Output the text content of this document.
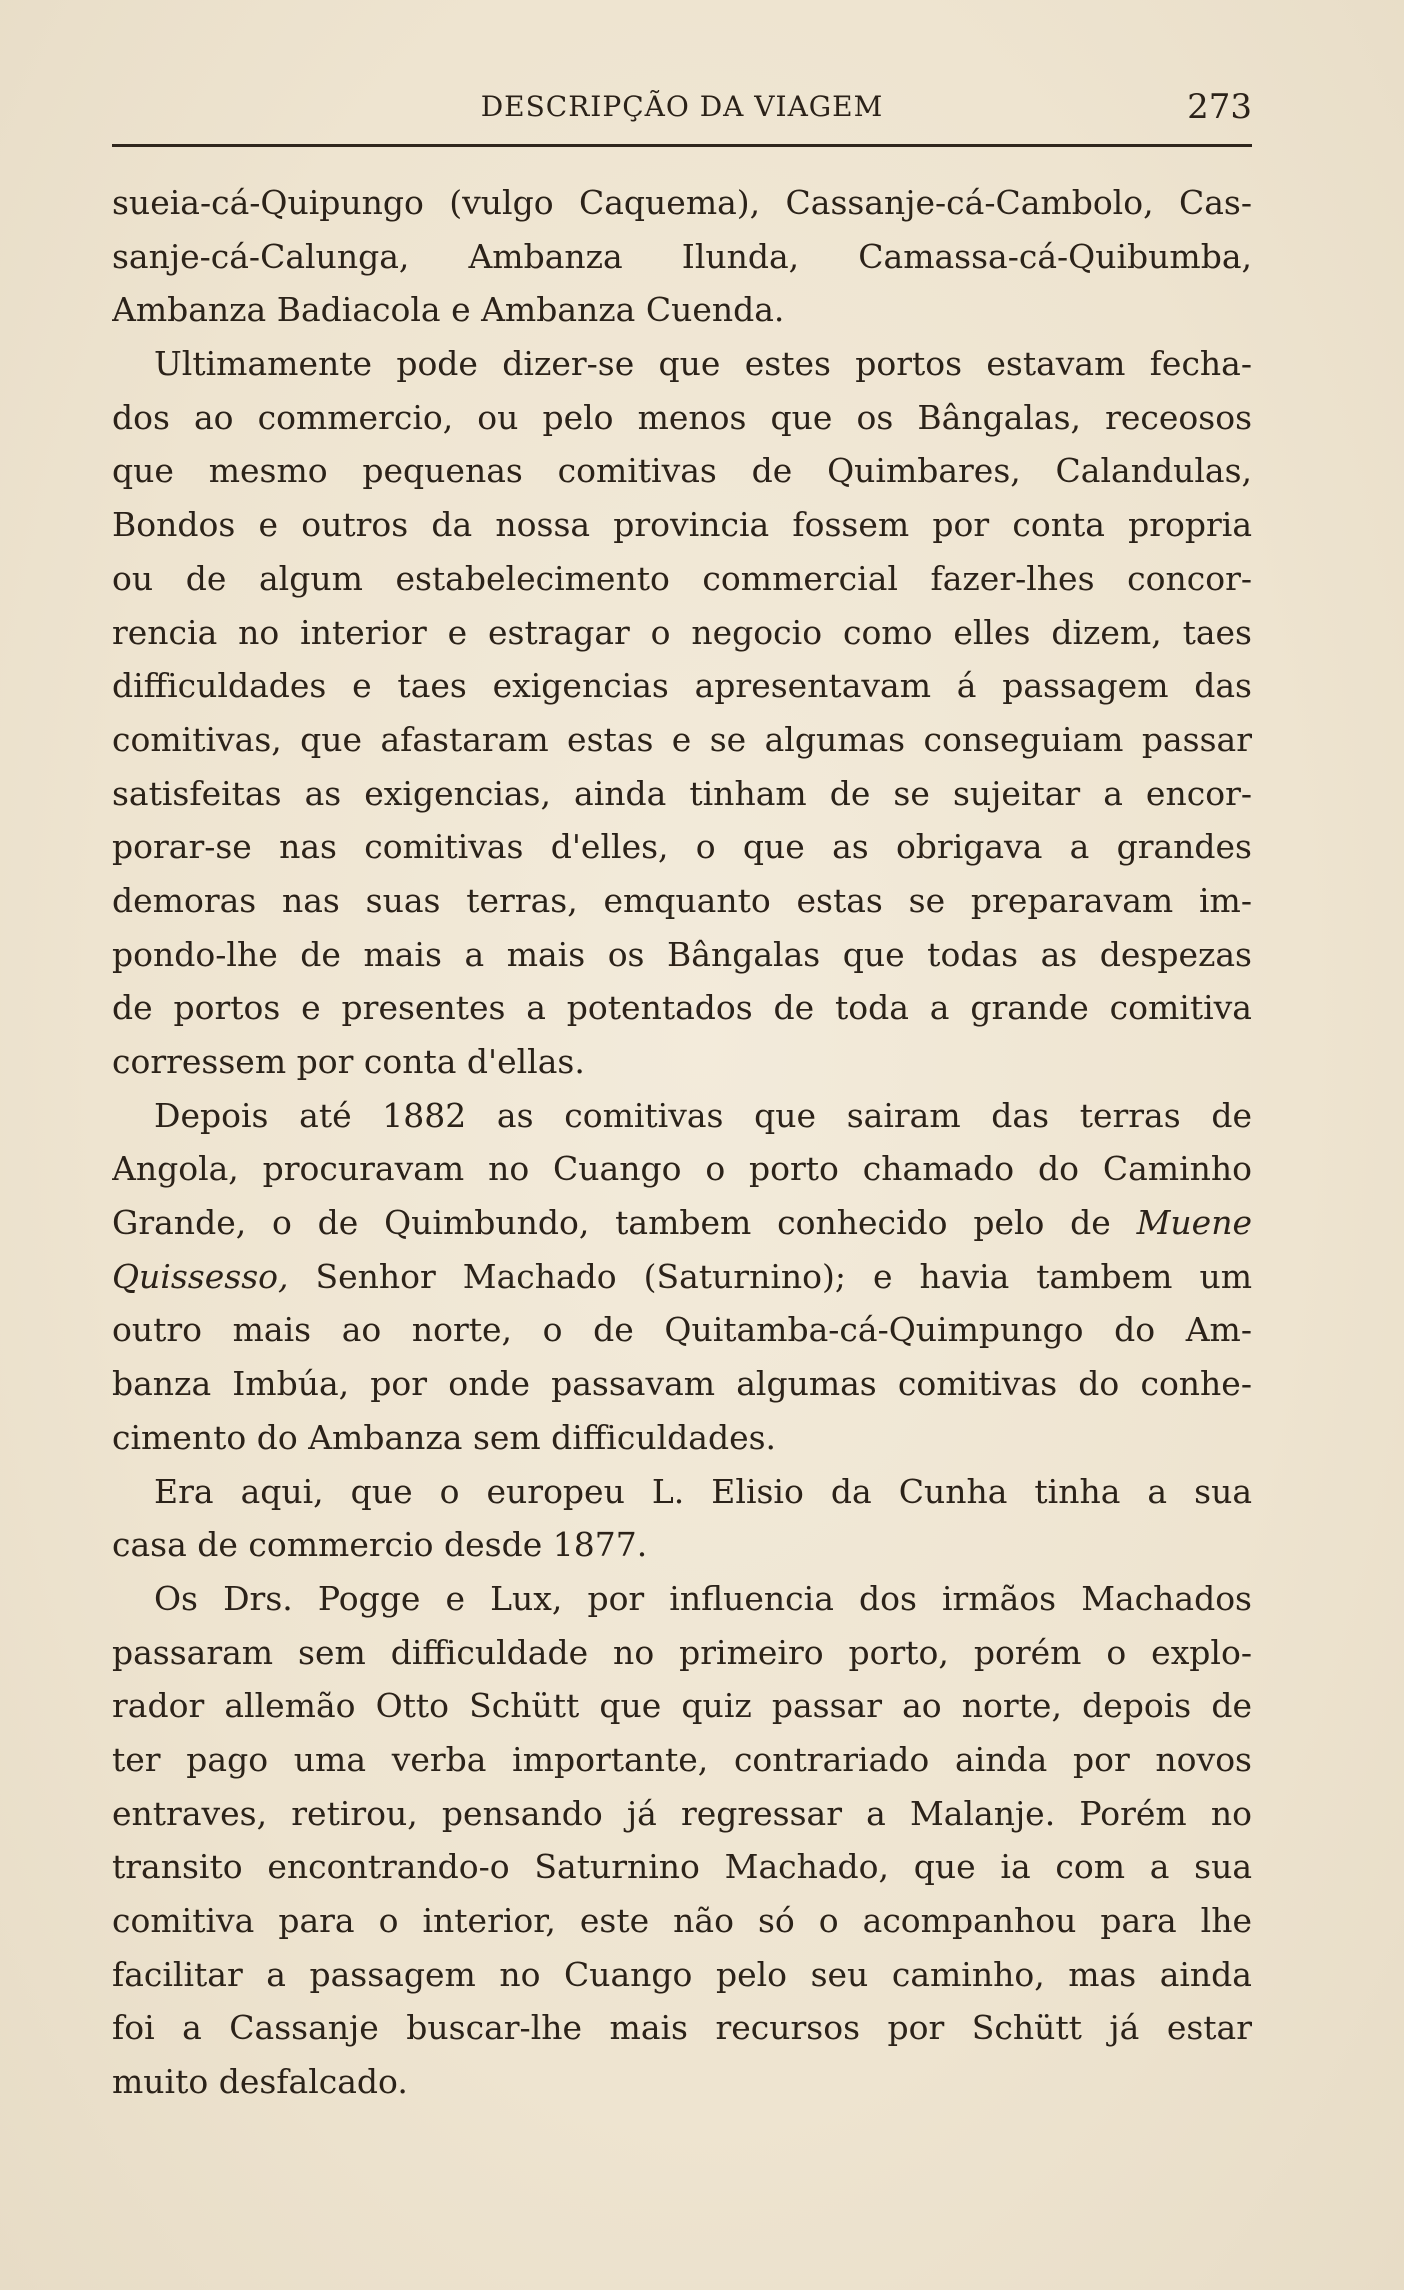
DESCRIPÇÃO DA VIAGEM	273
sueia-cá-Quipungo (vulgo Caquema), Cassanje-cá-Cambolo, Cas-
sanje-cá-Calunga, Ambanza Ilunda, Camassa-cá-Quibumba,
Ambanza Badiacola e Ambanza Cuenda.
Ultimamente pode dizer-se que estes portos estavam fecha-
dos ao commercio, ou pelo menos que os Bângalas, receosos
que mesmo pequenas comitivas de Quimbares, Calandulas,
Bondos e outros da nossa provincia fossem por conta propria
ou de algum estabelecimento commercial fazer-lhes concor-
rencia no interior e estragar o negocio como elles dizem, taes
difficuldades e taes exigencias apresentavam á passagem das
comitivas, que afastaram estas e se algumas conseguiam passar
satisfeitas as exigencias, ainda tinham de se sujeitar a encor-
porar-se nas comitivas d'elles, o que as obrigava a grandes
demoras nas suas terras, emquanto estas se preparavam im-
pondo-lhe de mais a mais os Bângalas que todas as despezas
de portos e presentes a potentados de toda a grande comitiva
corressem por conta d'ellas.
Depois até 1882 as comitivas que sairam das terras de
Angola, procuravam no Cuango o porto chamado do Caminho
Grande, o de Quimbundo, tambem conhecido pelo de Muene
Quissesso, Senhor Machado (Saturnino); e havia tambem um
outro mais ao norte, o de Quitamba-cá-Quimpungo do Am-
banza Imbúa, por onde passavam algumas comitivas do conhe-
cimento do Ambanza sem difficuldades.
Era aqui, que o europeu L. Elisio da Cunha tinha a sua
casa de commercio desde 1877.
Os Drs. Pogge e Lux, por influencia dos irmãos Machados
passaram sem difficuldade no primeiro porto, porém o explo-
rador allemão Otto Schütt que quiz passar ao norte, depois de
ter pago uma verba importante, contrariado ainda por novos
entraves, retirou, pensando já regressar a Malanje. Porém no
transito encontrando-o Saturnino Machado, que ia com a sua
comitiva para o interior, este não só o acompanhou para lhe
facilitar a passagem no Cuango pelo seu caminho, mas ainda
foi a Cassanje buscar-lhe mais recursos por Schütt já estar
muito desfalcado.
